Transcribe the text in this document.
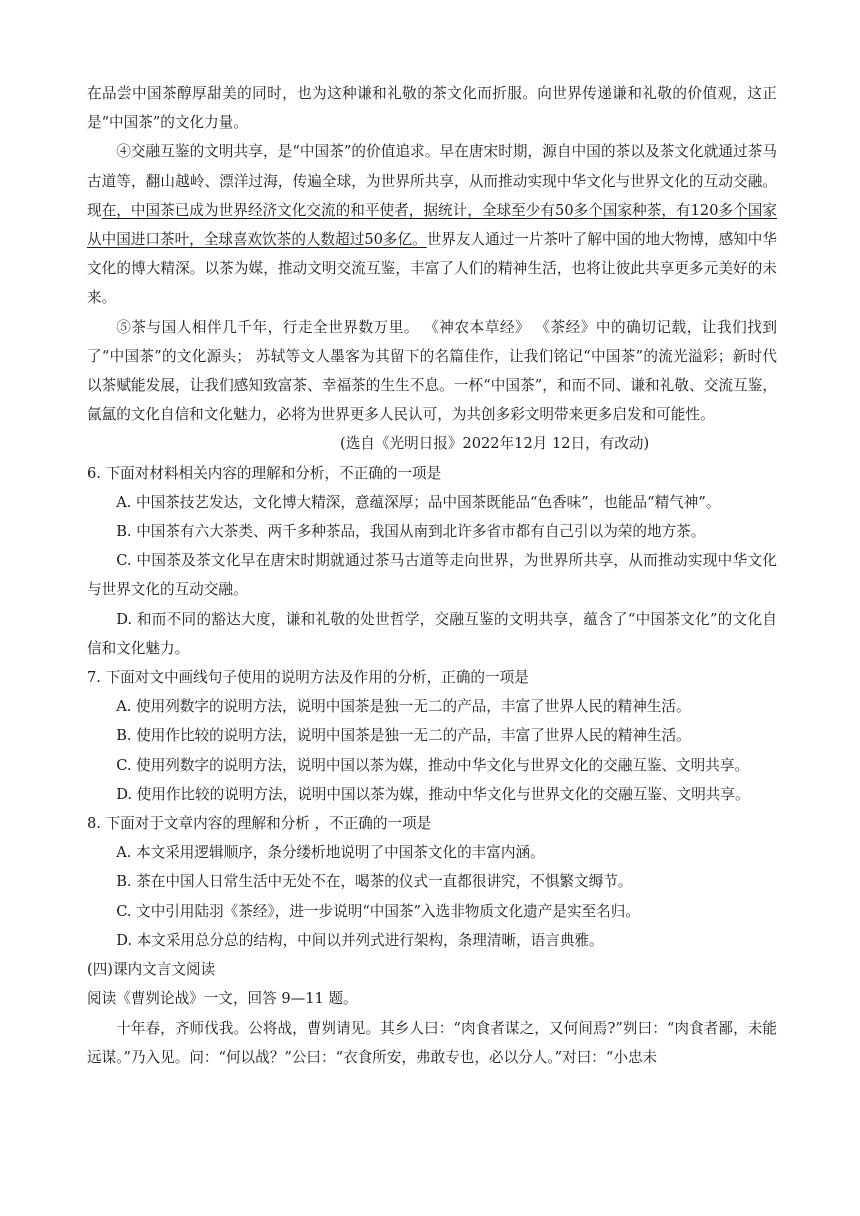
在品尝中国茶醇厚甜美的同时，也为这种谦和礼敬的茶文化而折服。向世界传递谦和礼敬的价值观，这正是“中国茶”的文化力量。

④交融互鉴的文明共享，是“中国茶”的价值追求。早在唐宋时期，源自中国的茶以及茶文化就通过茶马古道等，翻山越岭、漂洋过海，传遍全球，为世界所共享，从而推动实现中华文化与世界文化的互动交融。现在，中国茶已成为世界经济文化交流的和平使者，据统计，全球至少有50多个国家种茶，有120多个国家从中国进口茶叶，全球喜欢饮茶的人数超过50多亿。世界友人通过一片茶叶了解中国的地大物博，感知中华文化的博大精深。以茶为媒，推动文明交流互鉴，丰富了人们的精神生活，也将让彼此共享更多元美好的未来。

⑤茶与国人相伴几千年，行走全世界数万里。 《神农本草经》 《茶经》中的确切记载，让我们找到了“中国茶”的文化源头； 苏轼等文人墨客为其留下的名篇佳作，让我们铭记“中国茶”的流光溢彩；新时代以茶赋能发展，让我们感知致富茶、幸福茶的生生不息。一杯“中国茶”，和而不同、谦和礼敬、交流互鉴，氤氲的文化自信和文化魅力，必将为世界更多人民认可，为共创多彩文明带来更多启发和可能性。

(选自《光明日报》2022年12月 12日，有改动)

6. 下面对材料相关内容的理解和分析，不正确的一项是

A. 中国茶技艺发达，文化博大精深，意蕴深厚；品中国茶既能品“色香味”，也能品“精气神”。

B. 中国茶有六大茶类、两千多种茶品，我国从南到北许多省市都有自己引以为荣的地方茶。

C. 中国茶及茶文化早在唐宋时期就通过茶马古道等走向世界，为世界所共享，从而推动实现中华文化与世界文化的互动交融。

D. 和而不同的豁达大度，谦和礼敬的处世哲学，交融互鉴的文明共享，蕴含了“中国茶文化”的文化自信和文化魅力。

7. 下面对文中画线句子使用的说明方法及作用的分析，正确的一项是

A. 使用列数字的说明方法，说明中国茶是独一无二的产品，丰富了世界人民的精神生活。

B. 使用作比较的说明方法，说明中国茶是独一无二的产品，丰富了世界人民的精神生活。

C. 使用列数字的说明方法，说明中国以茶为媒，推动中华文化与世界文化的交融互鉴、文明共享。

D. 使用作比较的说明方法，说明中国以茶为媒，推动中华文化与世界文化的交融互鉴、文明共享。

8. 下面对于文章内容的理解和分析 ，不正确的一项是

A. 本文采用逻辑顺序，条分缕析地说明了中国茶文化的丰富内涵。

B. 茶在中国人日常生活中无处不在，喝茶的仪式一直都很讲究，不惧繁文缛节。

C. 文中引用陆羽《茶经》，进一步说明“中国茶”入选非物质文化遗产是实至名归。

D. 本文采用总分总的结构，中间以并列式进行架构，条理清晰，语言典雅。

(四)课内文言文阅读

阅读《曹刿论战》一文，回答 9—11 题。

十年春，齐师伐我。公将战，曹刿请见。其乡人曰：“肉食者谋之，又何间焉?”刿曰：“肉食者鄙，未能远谋。”乃入见。问：“何以战？”公曰：“衣食所安，弗敢专也，必以分人。”对曰：“小忠未
